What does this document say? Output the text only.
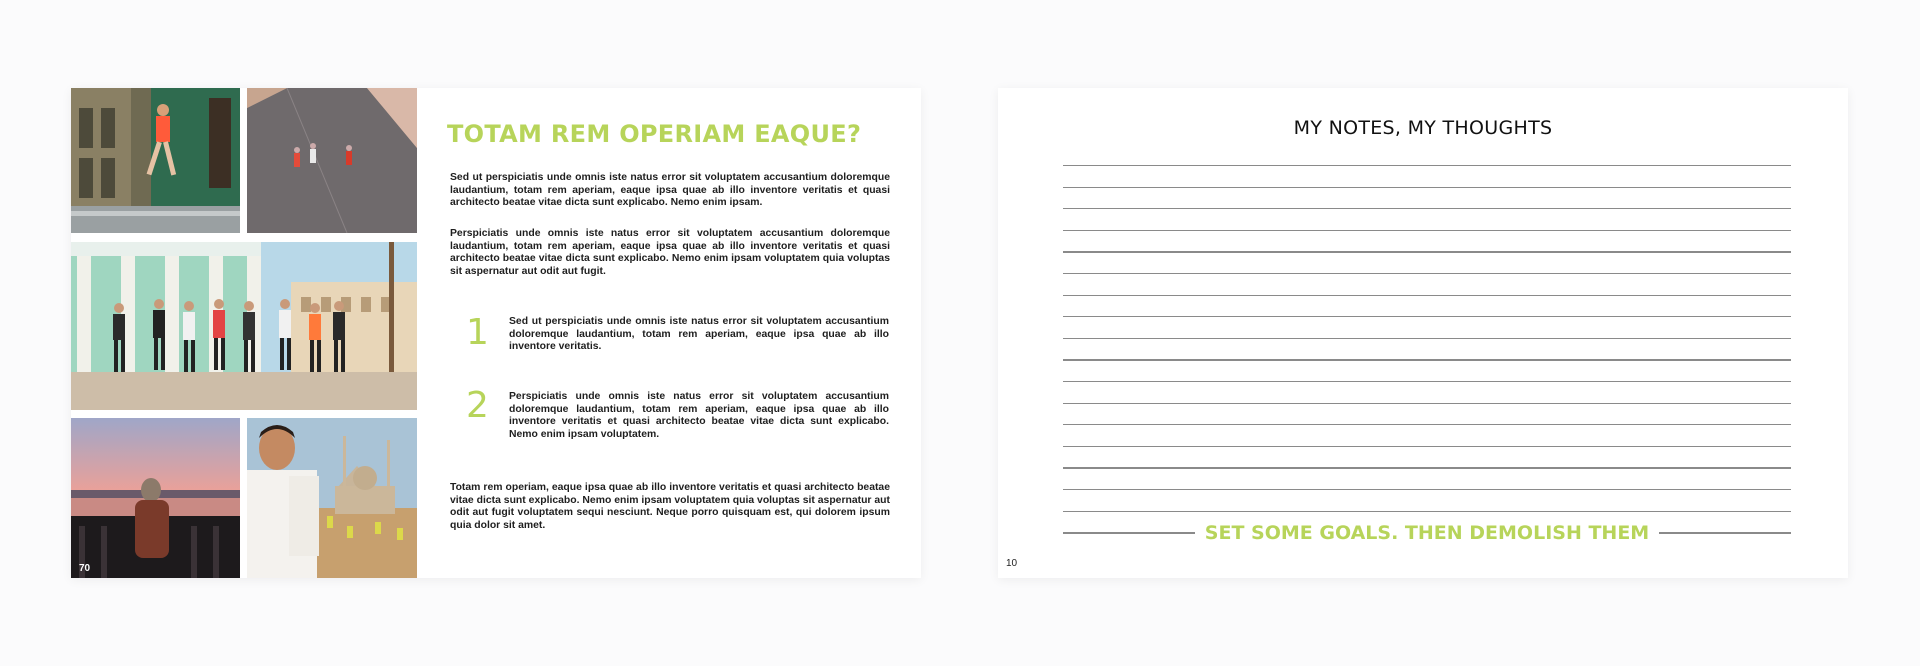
70
TOTAM REM OPERIAM EAQUE?
Sed ut perspiciatis unde omnis iste natus error sit voluptatem accusantium doloremque laudantium, totam rem aperiam, eaque ipsa quae ab illo inventore veritatis et quasi architecto beatae vitae dicta sunt explicabo. Nemo enim ipsam.
Perspiciatis unde omnis iste natus error sit voluptatem accusantium doloremque laudantium, totam rem aperiam, eaque ipsa quae ab illo inventore veritatis et quasi architecto beatae vitae dicta sunt explicabo. Nemo enim ipsam voluptatem quia voluptas sit aspernatur aut odit aut fugit.
1 Sed ut perspiciatis unde omnis iste natus error sit voluptatem accusantium doloremque laudantium, totam rem aperiam, eaque ipsa quae ab illo inventore veritatis.
2 Perspiciatis unde omnis iste natus error sit voluptatem accusantium doloremque laudantium, totam rem aperiam, eaque ipsa quae ab illo inventore veritatis et quasi architecto beatae vitae dicta sunt explicabo. Nemo enim ipsam voluptatem.
Totam rem operiam, eaque ipsa quae ab illo inventore veritatis et quasi architecto beatae vitae dicta sunt explicabo. Nemo enim ipsam voluptatem quia voluptas sit aspernatur aut odit aut fugit voluptatem sequi nesciunt. Neque porro quisquam est, qui dolorem ipsum quia dolor sit amet.
MY NOTES, MY THOUGHTS
SET SOME GOALS. THEN DEMOLISH THEM
10
